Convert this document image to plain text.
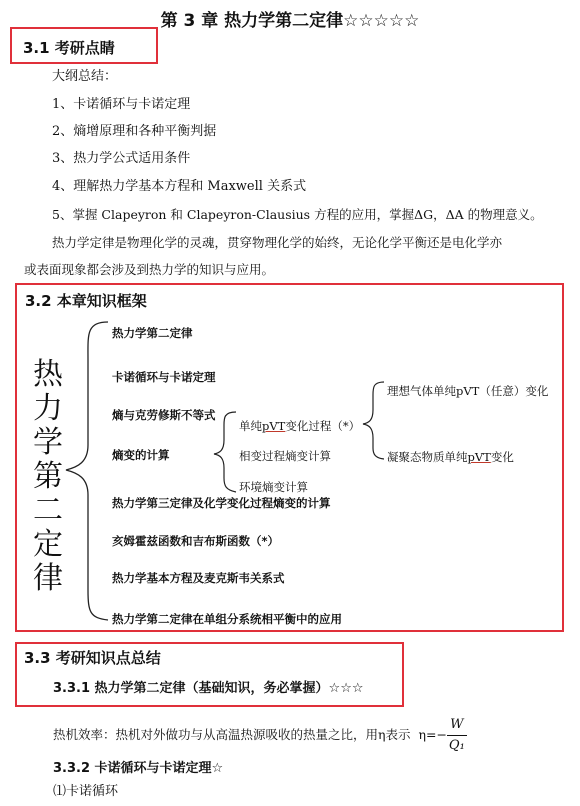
第 3 章 热力学第二定律☆☆☆☆☆
3.1 考研点睛
大纲总结：
1、卡诺循环与卡诺定理
2、熵增原理和各种平衡判据
3、热力学公式适用条件
4、理解热力学基本方程和 Maxwell 关系式
5、掌握 Clapeyron 和 Clapeyron-Clausius 方程的应用，掌握ΔG，ΔA 的物理意义。
热力学定律是物理化学的灵魂，贯穿物理化学的始终，无论化学平衡还是电化学亦
或表面现象都会涉及到热力学的知识与应用。
3.2 本章知识框架
热
力
学
第
二
定
律
热力学第二定律
卡诺循环与卡诺定理
熵与克劳修斯不等式
熵变的计算
热力学第三定律及化学变化过程熵变的计算
亥姆霍兹函数和吉布斯函数（*）
热力学基本方程及麦克斯韦关系式
热力学第二定律在单组分系统相平衡中的应用
单纯pVT变化过程（*）
相变过程熵变计算
环境熵变计算
理想气体单纯pVT（任意）变化
凝聚态物质单纯pVT变化
3.3 考研知识点总结
3.3.1 热力学第二定律（基础知识，务必掌握）☆☆☆
热机效率：热机对外做功与从高温热源吸收的热量之比，用η表示 $\eta=- \frac{W}{\text{Q₁}}$
3.3.2 卡诺循环与卡诺定理☆
⑴卡诺循环
